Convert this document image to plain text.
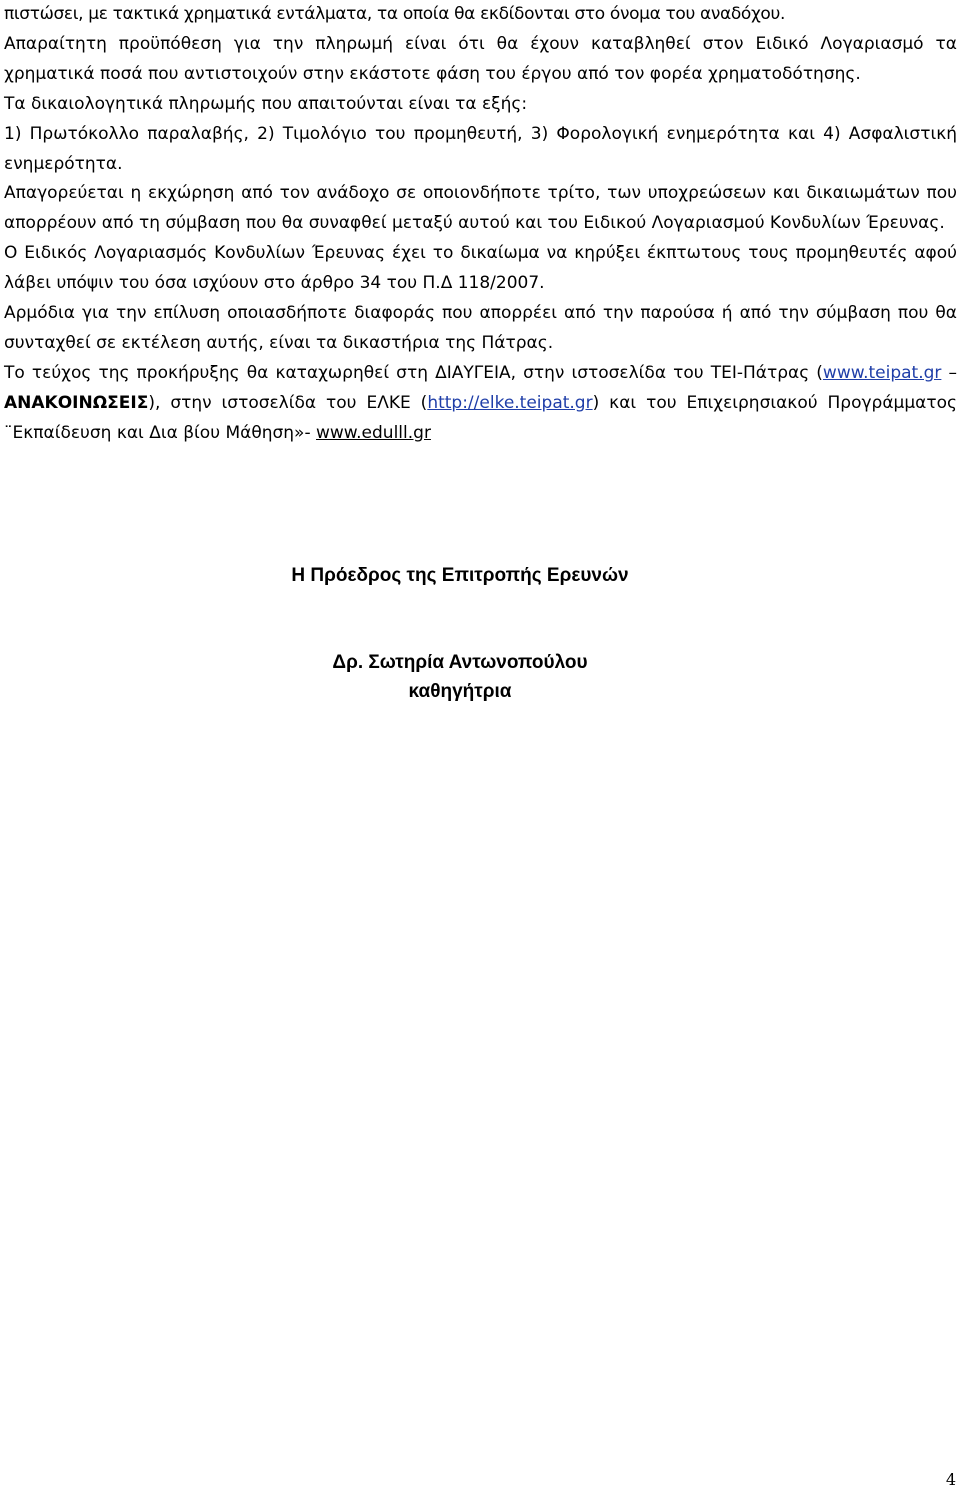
πιστώσει, με τακτικά χρηματικά εντάλματα, τα οποία θα εκδίδονται στο όνομα του αναδόχου.

Απαραίτητη προϋπόθεση για την πληρωμή είναι ότι θα έχουν καταβληθεί στον Ειδικό Λογαριασμό τα χρηματικά ποσά που αντιστοιχούν στην εκάστοτε φάση του έργου από τον φορέα χρηματοδότησης.

Τα δικαιολογητικά πληρωμής που απαιτούνται είναι τα εξής:

1) Πρωτόκολλο παραλαβής, 2) Τιμολόγιο του προμηθευτή, 3) Φορολογική ενημερότητα και 4) Ασφαλιστική ενημερότητα.

Απαγορεύεται η εκχώρηση από τον ανάδοχο σε οποιονδήποτε τρίτο, των υποχρεώσεων και δικαιωμάτων που απορρέουν από τη σύμβαση που θα συναφθεί μεταξύ αυτού και του Ειδικού Λογαριασμού Κονδυλίων Έρευνας.

Ο Ειδικός Λογαριασμός Κονδυλίων Έρευνας έχει το δικαίωμα να κηρύξει έκπτωτους τους προμηθευτές αφού λάβει υπόψιν του όσα ισχύουν στο άρθρο 34 του Π.Δ 118/2007.

Αρμόδια για την επίλυση οποιασδήποτε διαφοράς που απορρέει από την παρούσα ή από την σύμβαση που θα συνταχθεί σε εκτέλεση αυτής, είναι τα δικαστήρια της Πάτρας.

Το τεύχος της προκήρυξης θα καταχωρηθεί στη ΔΙΑΥΓΕΙΑ, στην ιστοσελίδα του ΤΕΙ-Πάτρας (www.teipat.gr – ΑΝΑΚΟΙΝΩΣΕΙΣ), στην ιστοσελίδα του ΕΛΚΕ (http://elke.teipat.gr) και του Επιχειρησιακού Προγράμματος ¨Εκπαίδευση και Δια βίου Μάθηση»- www.edulll.gr

Η Πρόεδρος της Επιτροπής Ερευνών

Δρ. Σωτηρία Αντωνοπούλου

καθηγήτρια

4
